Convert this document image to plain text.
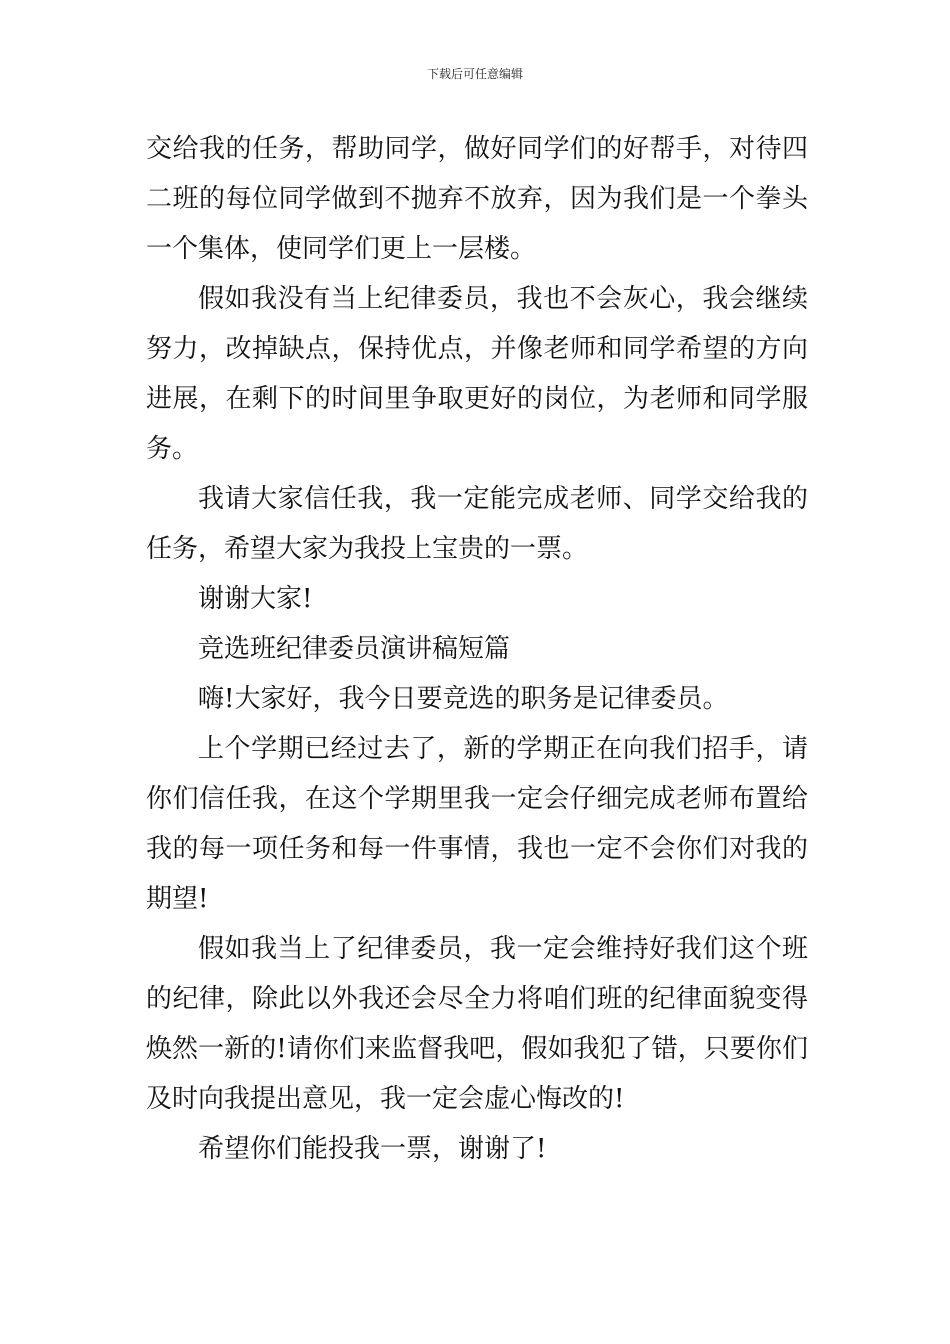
下载后可任意编辑

交给我的任务，帮助同学，做好同学们的好帮手，对待四二班的每位同学做到不抛弃不放弃，因为我们是一个拳头一个集体，使同学们更上一层楼。

假如我没有当上纪律委员，我也不会灰心，我会继续努力，改掉缺点，保持优点，并像老师和同学希望的方向进展，在剩下的时间里争取更好的岗位，为老师和同学服务。

我请大家信任我，我一定能完成老师、同学交给我的任务，希望大家为我投上宝贵的一票。

谢谢大家!

竞选班纪律委员演讲稿短篇

嗨!大家好，我今日要竞选的职务是记律委员。

上个学期已经过去了，新的学期正在向我们招手，请你们信任我，在这个学期里我一定会仔细完成老师布置给我的每一项任务和每一件事情，我也一定不会你们对我的期望!

假如我当上了纪律委员，我一定会维持好我们这个班的纪律，除此以外我还会尽全力将咱们班的纪律面貌变得焕然一新的!请你们来监督我吧，假如我犯了错，只要你们及时向我提出意见，我一定会虚心悔改的!

希望你们能投我一票，谢谢了!
